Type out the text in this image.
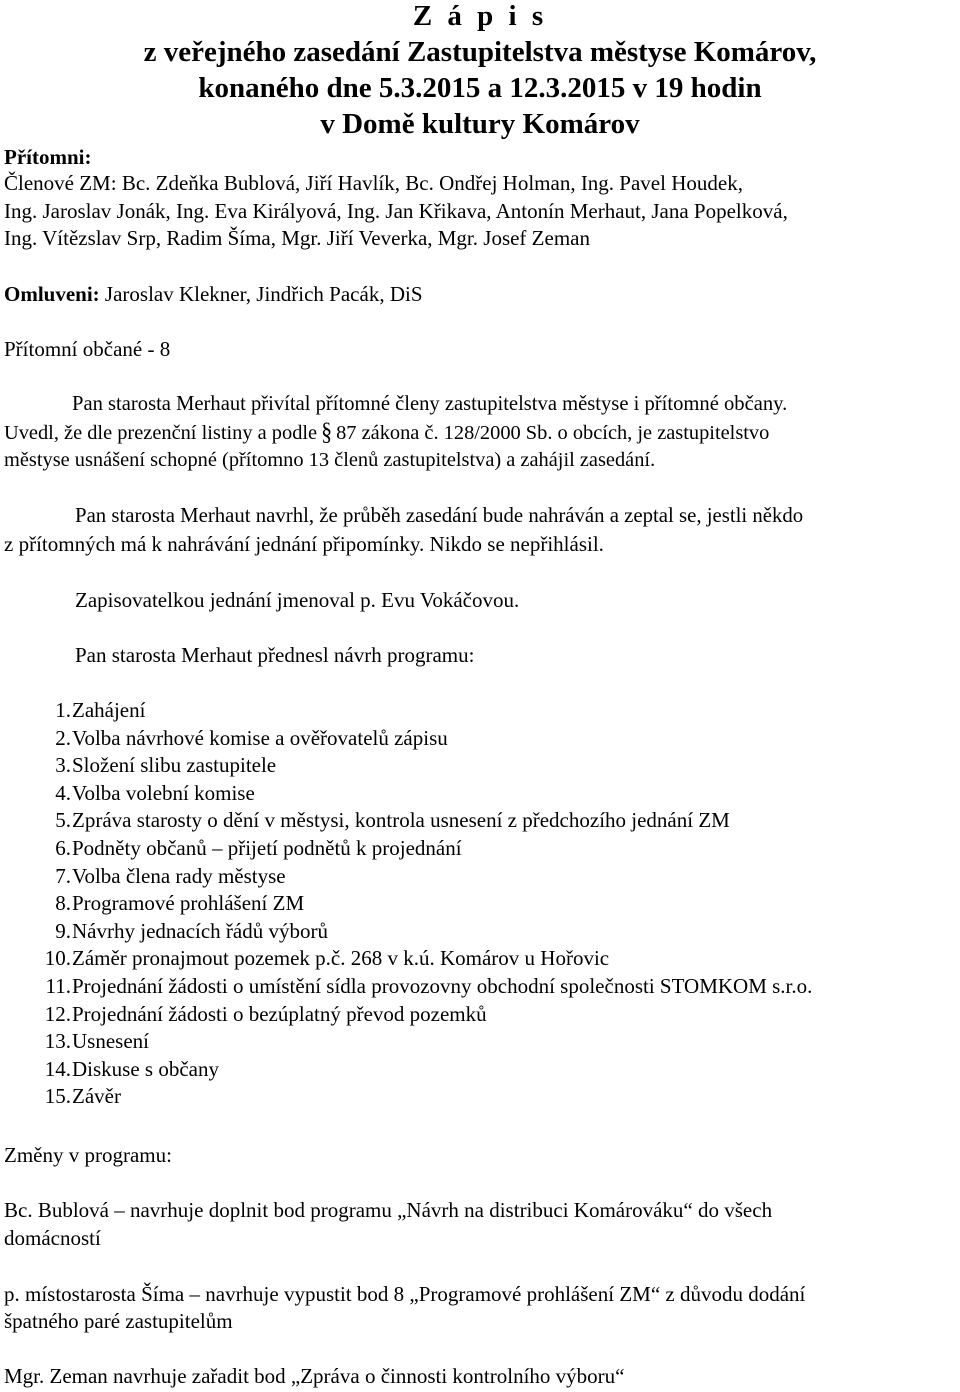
Z á p i s
z veřejného zasedání Zastupitelstva městyse Komárov,
konaného dne 5.3.2015 a 12.3.2015 v 19 hodin
v Domě kultury Komárov
Přítomni:
Členové ZM: Bc. Zdeňka Bublová, Jiří Havlík, Bc. Ondřej Holman, Ing. Pavel Houdek,
Ing. Jaroslav Jonák, Ing. Eva Királyová, Ing. Jan Křikava, Antonín Merhaut, Jana Popelková,
Ing. Vítězslav Srp, Radim Šíma, Mgr. Jiří Veverka, Mgr. Josef Zeman
Omluveni: Jaroslav Klekner, Jindřich Pacák, DiS
Přítomní občané - 8
Pan starosta Merhaut přivítal přítomné členy zastupitelstva městyse i přítomné občany.
Uvedl, že dle prezenční listiny a podle § 87 zákona č. 128/2000 Sb. o obcích, je zastupitelstvo
městyse usnášení schopné (přítomno 13 členů zastupitelstva) a zahájil zasedání.
Pan starosta Merhaut navrhl, že průběh zasedání bude nahráván a zeptal se, jestli někdo
z přítomných má k nahrávání jednání připomínky. Nikdo se nepřihlásil.
Zapisovatelkou jednání jmenoval p. Evu Vokáčovou.
Pan starosta Merhaut přednesl návrh programu:
1. Zahájení
2. Volba návrhové komise a ověřovatelů zápisu
3. Složení slibu zastupitele
4. Volba volební komise
5. Zpráva starosty o dění v městysi, kontrola usnesení z předchozího jednání ZM
6. Podněty občanů – přijetí podnětů k projednání
7. Volba člena rady městyse
8. Programové prohlášení ZM
9. Návrhy jednacích řádů výborů
10. Záměr pronajmout pozemek p.č. 268 v k.ú. Komárov u Hořovic
11. Projednání žádosti o umístění sídla provozovny obchodní společnosti STOMKOM s.r.o.
12. Projednání žádosti o bezúplatný převod pozemků
13. Usnesení
14. Diskuse s občany
15. Závěr
Změny v programu:
Bc. Bublová – navrhuje doplnit bod programu „Návrh na distribuci Komárováku“ do všech
domácností
p. místostarosta Šíma – navrhuje vypustit bod 8 „Programové prohlášení ZM“ z důvodu dodání
špatného paré zastupitelům
Mgr. Zeman navrhuje zařadit bod „Zpráva o činnosti kontrolního výboru“
